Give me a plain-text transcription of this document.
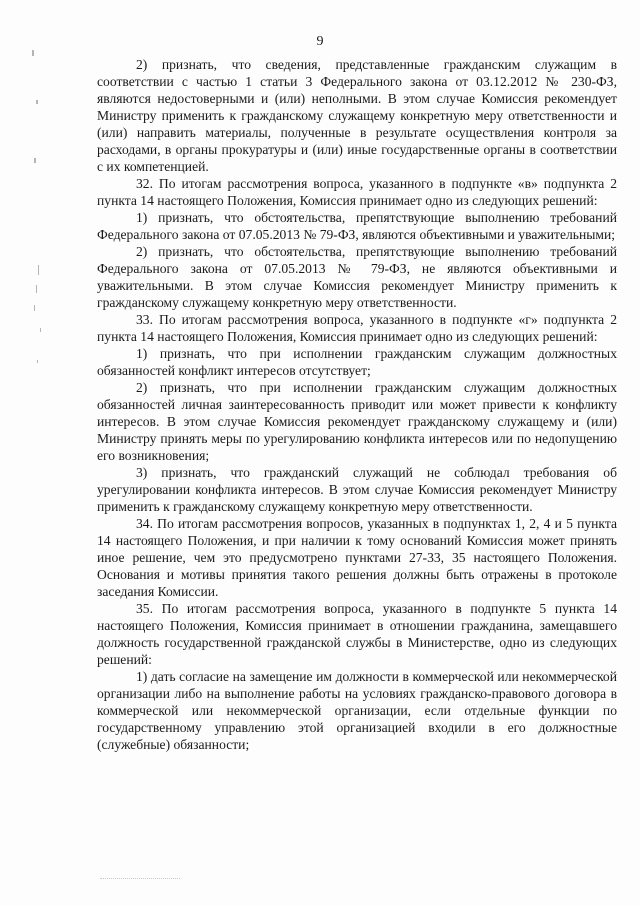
9

2) признать, что сведения, представленные гражданским служащим в соответствии с частью 1 статьи 3 Федерального закона от 03.12.2012 № 230-ФЗ, являются недостоверными и (или) неполными. В этом случае Комиссия рекомендует Министру применить к гражданскому служащему конкретную меру ответственности и (или) направить материалы, полученные в результате осуществления контроля за расходами, в органы прокуратуры и (или) иные государственные органы в соответствии с их компетенцией.

32. По итогам рассмотрения вопроса, указанного в подпункте «в» подпункта 2 пункта 14 настоящего Положения, Комиссия принимает одно из следующих решений:

1) признать, что обстоятельства, препятствующие выполнению требований Федерального закона от 07.05.2013 № 79-ФЗ, являются объективными и уважительными;

2) признать, что обстоятельства, препятствующие выполнению требований Федерального закона от 07.05.2013 № 79-ФЗ, не являются объективными и уважительными. В этом случае Комиссия рекомендует Министру применить к гражданскому служащему конкретную меру ответственности.

33. По итогам рассмотрения вопроса, указанного в подпункте «г» подпункта 2 пункта 14 настоящего Положения, Комиссия принимает одно из следующих решений:

1) признать, что при исполнении гражданским служащим должностных обязанностей конфликт интересов отсутствует;

2) признать, что при исполнении гражданским служащим должностных обязанностей личная заинтересованность приводит или может привести к конфликту интересов. В этом случае Комиссия рекомендует гражданскому служащему и (или) Министру принять меры по урегулированию конфликта интересов или по недопущению его возникновения;

3) признать, что гражданский служащий не соблюдал требования об урегулировании конфликта интересов. В этом случае Комиссия рекомендует Министру применить к гражданскому служащему конкретную меру ответственности.

34. По итогам рассмотрения вопросов, указанных в подпунктах 1, 2, 4 и 5 пункта 14 настоящего Положения, и при наличии к тому оснований Комиссия может принять иное решение, чем это предусмотрено пунктами 27-33, 35 настоящего Положения. Основания и мотивы принятия такого решения должны быть отражены в протоколе заседания Комиссии.

35. По итогам рассмотрения вопроса, указанного в подпункте 5 пункта 14 настоящего Положения, Комиссия принимает в отношении гражданина, замещавшего должность государственной гражданской службы в Министерстве, одно из следующих решений:

1) дать согласие на замещение им должности в коммерческой или некоммерческой организации либо на выполнение работы на условиях гражданско-правового договора в коммерческой или некоммерческой организации, если отдельные функции по государственному управлению этой организацией входили в его должностные (служебные) обязанности;
